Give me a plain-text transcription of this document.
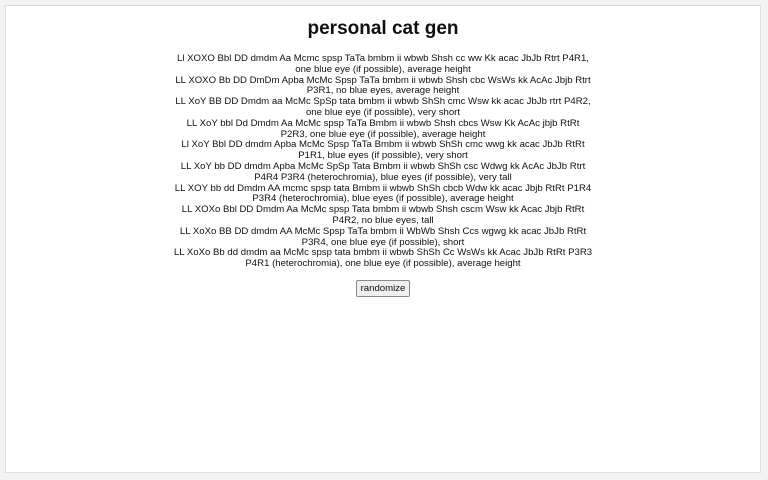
personal cat gen
Ll XOXO Bbl DD dmdm Aa Mcmc spsp TaTa bmbm ii wbwb Shsh cc ww Kk acac JbJb Rtrt P4R1, one blue eye (if possible), average height
LL XOXO Bb DD DmDm Apba McMc Spsp TaTa bmbm ii wbwb Shsh cbc WsWs kk AcAc Jbjb Rtrt P3R1, no blue eyes, average height
LL XoY BB DD Dmdm aa McMc SpSp tata bmbm ii wbwb ShSh cmc Wsw kk acac JbJb rtrt P4R2, one blue eye (if possible), very short
LL XoY bbl Dd Dmdm Aa McMc spsp TaTa Bmbm ii wbwb Shsh cbcs Wsw Kk AcAc jbjb RtRt P2R3, one blue eye (if possible), average height
Ll XoY Bbl DD dmdm Apba McMc Spsp TaTa Bmbm ii wbwb ShSh cmc wwg kk acac JbJb RtRt P1R1, blue eyes (if possible), very short
LL XoY bb DD dmdm Apba McMc SpSp Tata Bmbm ii wbwb ShSh csc Wdwg kk AcAc JbJb Rtrt P4R4 P3R4 (heterochromia), blue eyes (if possible), very tall
LL XOY bb dd Dmdm AA mcmc spsp tata Bmbm ii wbwb ShSh cbcb Wdw kk acac Jbjb RtRt P1R4 P3R4 (heterochromia), blue eyes (if possible), average height
LL XOXo Bbl DD Dmdm Aa McMc spsp Tata bmbm ii wbwb Shsh cscm Wsw kk Acac Jbjb RtRt P4R2, no blue eyes, tall
LL XoXo BB DD dmdm AA McMc Spsp TaTa bmbm ii WbWb Shsh Ccs wgwg kk acac JbJb RtRt P3R4, one blue eye (if possible), short
LL XoXo Bb dd dmdm aa McMc spsp tata bmbm ii wbwb ShSh Cc WsWs kk Acac JbJb RtRt P3R3 P4R1 (heterochromia), one blue eye (if possible), average height
randomize
